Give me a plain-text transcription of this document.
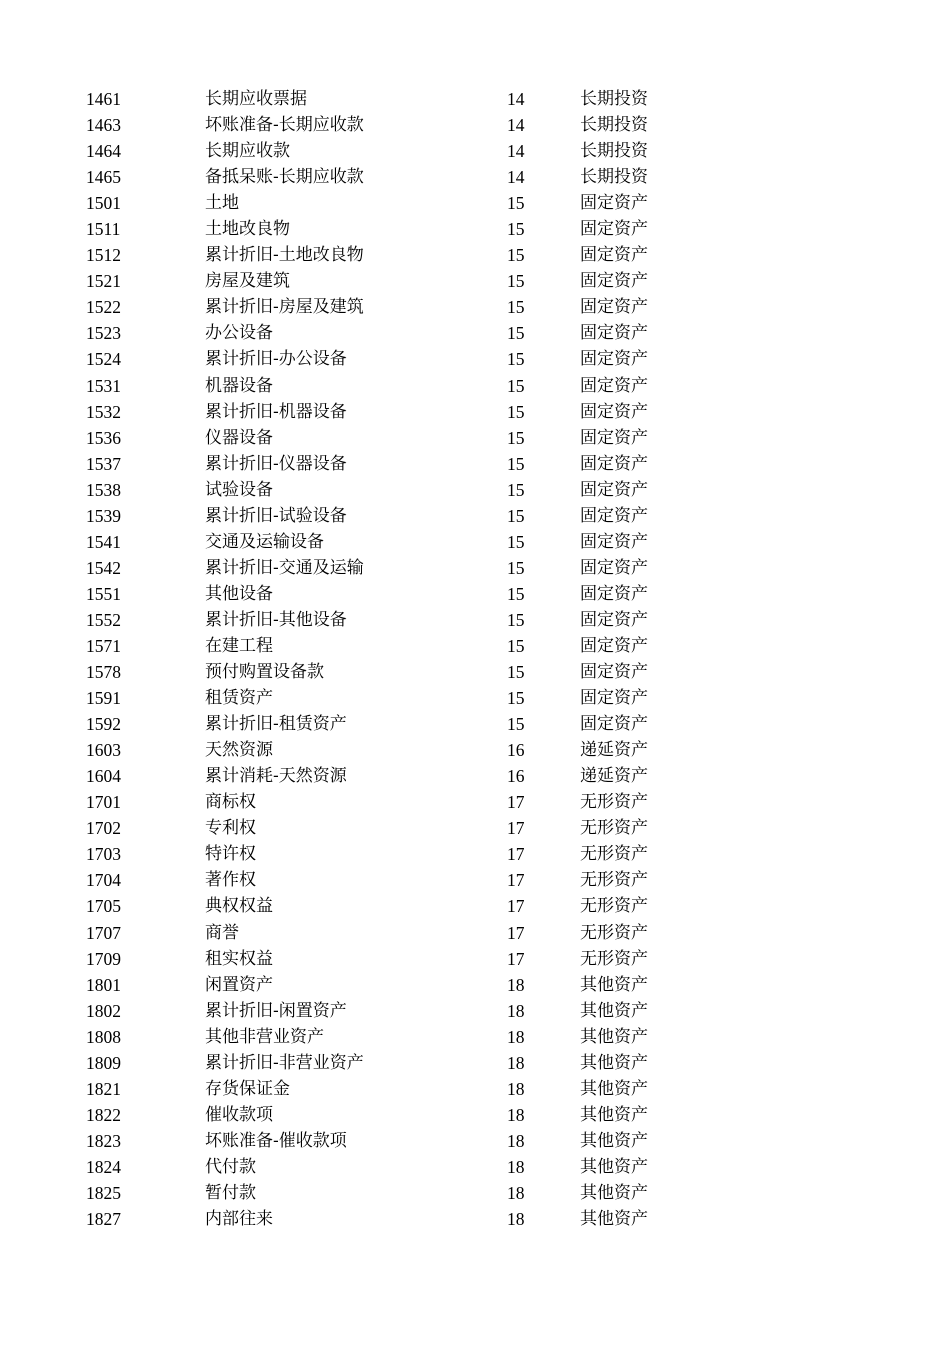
1461	长期应收票据	14	长期投资
1463	坏账准备-长期应收款	14	长期投资
1464	长期应收款	14	长期投资
1465	备抵呆账-长期应收款	14	长期投资
1501	土地	15	固定资产
1511	土地改良物	15	固定资产
1512	累计折旧-土地改良物	15	固定资产
1521	房屋及建筑	15	固定资产
1522	累计折旧-房屋及建筑	15	固定资产
1523	办公设备	15	固定资产
1524	累计折旧-办公设备	15	固定资产
1531	机器设备	15	固定资产
1532	累计折旧-机器设备	15	固定资产
1536	仪器设备	15	固定资产
1537	累计折旧-仪器设备	15	固定资产
1538	试验设备	15	固定资产
1539	累计折旧-试验设备	15	固定资产
1541	交通及运输设备	15	固定资产
1542	累计折旧-交通及运输	15	固定资产
1551	其他设备	15	固定资产
1552	累计折旧-其他设备	15	固定资产
1571	在建工程	15	固定资产
1578	预付购置设备款	15	固定资产
1591	租赁资产	15	固定资产
1592	累计折旧-租赁资产	15	固定资产
1603	天然资源	16	递延资产
1604	累计消耗-天然资源	16	递延资产
1701	商标权	17	无形资产
1702	专利权	17	无形资产
1703	特许权	17	无形资产
1704	著作权	17	无形资产
1705	典权权益	17	无形资产
1707	商誉	17	无形资产
1709	租实权益	17	无形资产
1801	闲置资产	18	其他资产
1802	累计折旧-闲置资产	18	其他资产
1808	其他非营业资产	18	其他资产
1809	累计折旧-非营业资产	18	其他资产
1821	存货保证金	18	其他资产
1822	催收款项	18	其他资产
1823	坏账准备-催收款项	18	其他资产
1824	代付款	18	其他资产
1825	暂付款	18	其他资产
1827	内部往来	18	其他资产
